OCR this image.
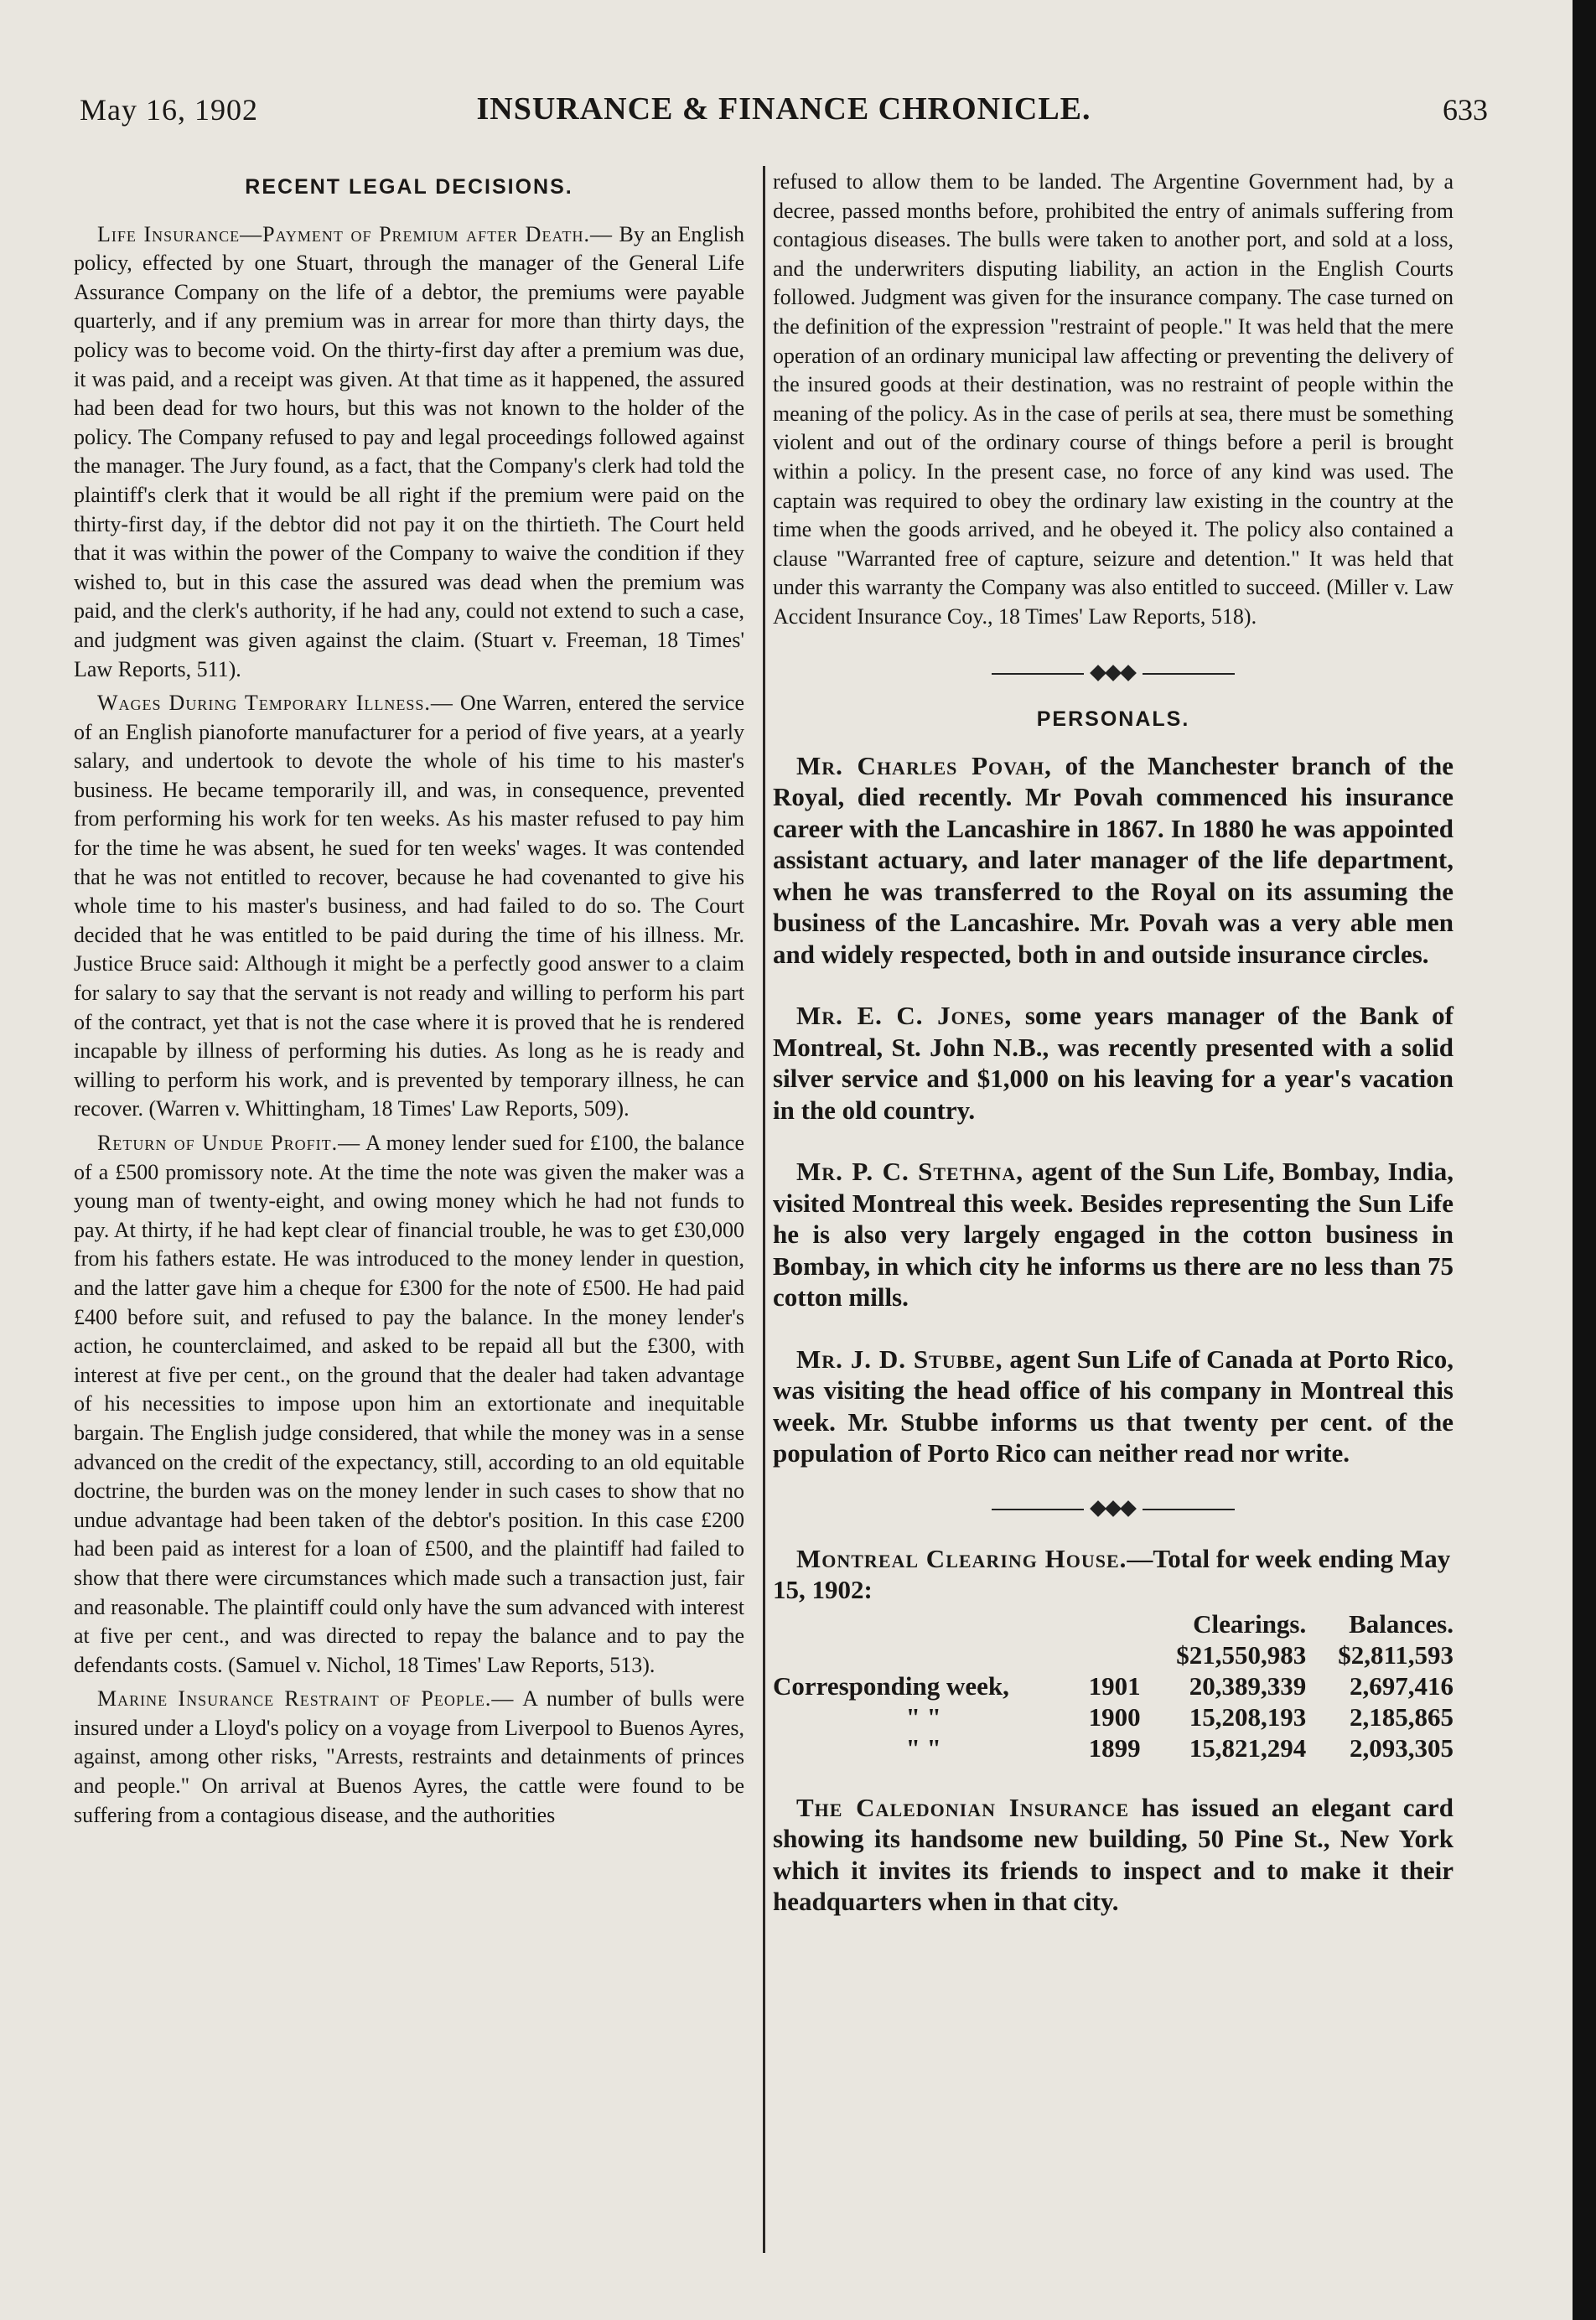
May 16, 1902	INSURANCE & FINANCE CHRONICLE.	633
RECENT LEGAL DECISIONS.

Life Insurance—Payment of Premium after Death.— By an English policy, effected by one Stuart, through the manager of the General Life Assurance Company on the life of a debtor, the premiums were payable quarterly, and if any premium was in arrear for more than thirty days, the policy was to become void. On the thirty-first day after a premium was due, it was paid, and a receipt was given. At that time as it happened, the assured had been dead for two hours, but this was not known to the holder of the policy. The Company refused to pay and legal proceedings followed against the manager. The Jury found, as a fact, that the Company's clerk had told the plaintiff's clerk that it would be all right if the premium were paid on the thirty-first day, if the debtor did not pay it on the thirtieth. The Court held that it was within the power of the Company to waive the condition if they wished to, but in this case the assured was dead when the premium was paid, and the clerk's authority, if he had any, could not extend to such a case, and judgment was given against the claim. (Stuart v. Freeman, 18 Times' Law Reports, 511).

Wages During Temporary Illness.— One Warren, entered the service of an English pianoforte manufacturer for a period of five years, at a yearly salary, and undertook to devote the whole of his time to his master's business. He became temporarily ill, and was, in consequence, prevented from performing his work for ten weeks. As his master refused to pay him for the time he was absent, he sued for ten weeks' wages. It was contended that he was not entitled to recover, because he had covenanted to give his whole time to his master's business, and had failed to do so. The Court decided that he was entitled to be paid during the time of his illness. Mr. Justice Bruce said: Although it might be a perfectly good answer to a claim for salary to say that the servant is not ready and willing to perform his part of the contract, yet that is not the case where it is proved that he is rendered incapable by illness of performing his duties. As long as he is ready and willing to perform his work, and is prevented by temporary illness, he can recover. (Warren v. Whittingham, 18 Times' Law Reports, 509).

Return of Undue Profit.— A money lender sued for £100, the balance of a £500 promissory note. At the time the note was given the maker was a young man of twenty-eight, and owing money which he had not funds to pay. At thirty, if he had kept clear of financial trouble, he was to get £30,000 from his fathers estate. He was introduced to the money lender in question, and the latter gave him a cheque for £300 for the note of £500. He had paid £400 before suit, and refused to pay the balance. In the money lender's action, he counterclaimed, and asked to be repaid all but the £300, with interest at five per cent., on the ground that the dealer had taken advantage of his necessities to impose upon him an extortionate and inequitable bargain. The English judge considered, that while the money was in a sense advanced on the credit of the expectancy, still, according to an old equitable doctrine, the burden was on the money lender in such cases to show that no undue advantage had been taken of the debtor's position. In this case £200 had been paid as interest for a loan of £500, and the plaintiff had failed to show that there were circumstances which made such a transaction just, fair and reasonable. The plaintiff could only have the sum advanced with interest at five per cent., and was directed to repay the balance and to pay the defendants costs. (Samuel v. Nichol, 18 Times' Law Reports, 513).

Marine Insurance Restraint of People.— A number of bulls were insured under a Lloyd's policy on a voyage from Liverpool to Buenos Ayres, against, among other risks, "Arrests, restraints and detainments of princes and people." On arrival at Buenos Ayres, the cattle were found to be suffering from a contagious disease, and the authorities

refused to allow them to be landed. The Argentine Government had, by a decree, passed months before, prohibited the entry of animals suffering from contagious diseases. The bulls were taken to another port, and sold at a loss, and the underwriters disputing liability, an action in the English Courts followed. Judgment was given for the insurance company. The case turned on the definition of the expression "restraint of people." It was held that the mere operation of an ordinary municipal law affecting or preventing the delivery of the insured goods at their destination, was no restraint of people within the meaning of the policy. As in the case of perils at sea, there must be something violent and out of the ordinary course of things before a peril is brought within a policy. In the present case, no force of any kind was used. The captain was required to obey the ordinary law existing in the country at the time when the goods arrived, and he obeyed it. The policy also contained a clause "Warranted free of capture, seizure and detention." It was held that under this warranty the Company was also entitled to succeed. (Miller v. Law Accident Insurance Coy., 18 Times' Law Reports, 518).

PERSONALS.

Mr. Charles Povah, of the Manchester branch of the Royal, died recently. Mr Povah commenced his insurance career with the Lancashire in 1867. In 1880 he was appointed assistant actuary, and later manager of the life department, when he was transferred to the Royal on its assuming the business of the Lancashire. Mr. Povah was a very able men and widely respected, both in and outside insurance circles.

Mr. E. C. Jones, some years manager of the Bank of Montreal, St. John N.B., was recently presented with a solid silver service and $1,000 on his leaving for a year's vacation in the old country.

Mr. P. C. Stethna, agent of the Sun Life, Bombay, India, visited Montreal this week. Besides representing the Sun Life he is also very largely engaged in the cotton business in Bombay, in which city he informs us there are no less than 75 cotton mills.

Mr. J. D. Stubbe, agent Sun Life of Canada at Porto Rico, was visiting the head office of his company in Montreal this week. Mr. Stubbe informs us that twenty per cent. of the population of Porto Rico can neither read nor write.

Montreal Clearing House.—Total for week ending May 15, 1902:
		Clearings.	Balances.
		$21,550,983	$2,811,593
Corresponding week,	1901	20,389,339	2,697,416
" "	1900	15,208,193	2,185,865
" "	1899	15,821,294	2,093,305

The Caledonian Insurance has issued an elegant card showing its handsome new building, 50 Pine St., New York which it invites its friends to inspect and to make it their headquarters when in that city.
